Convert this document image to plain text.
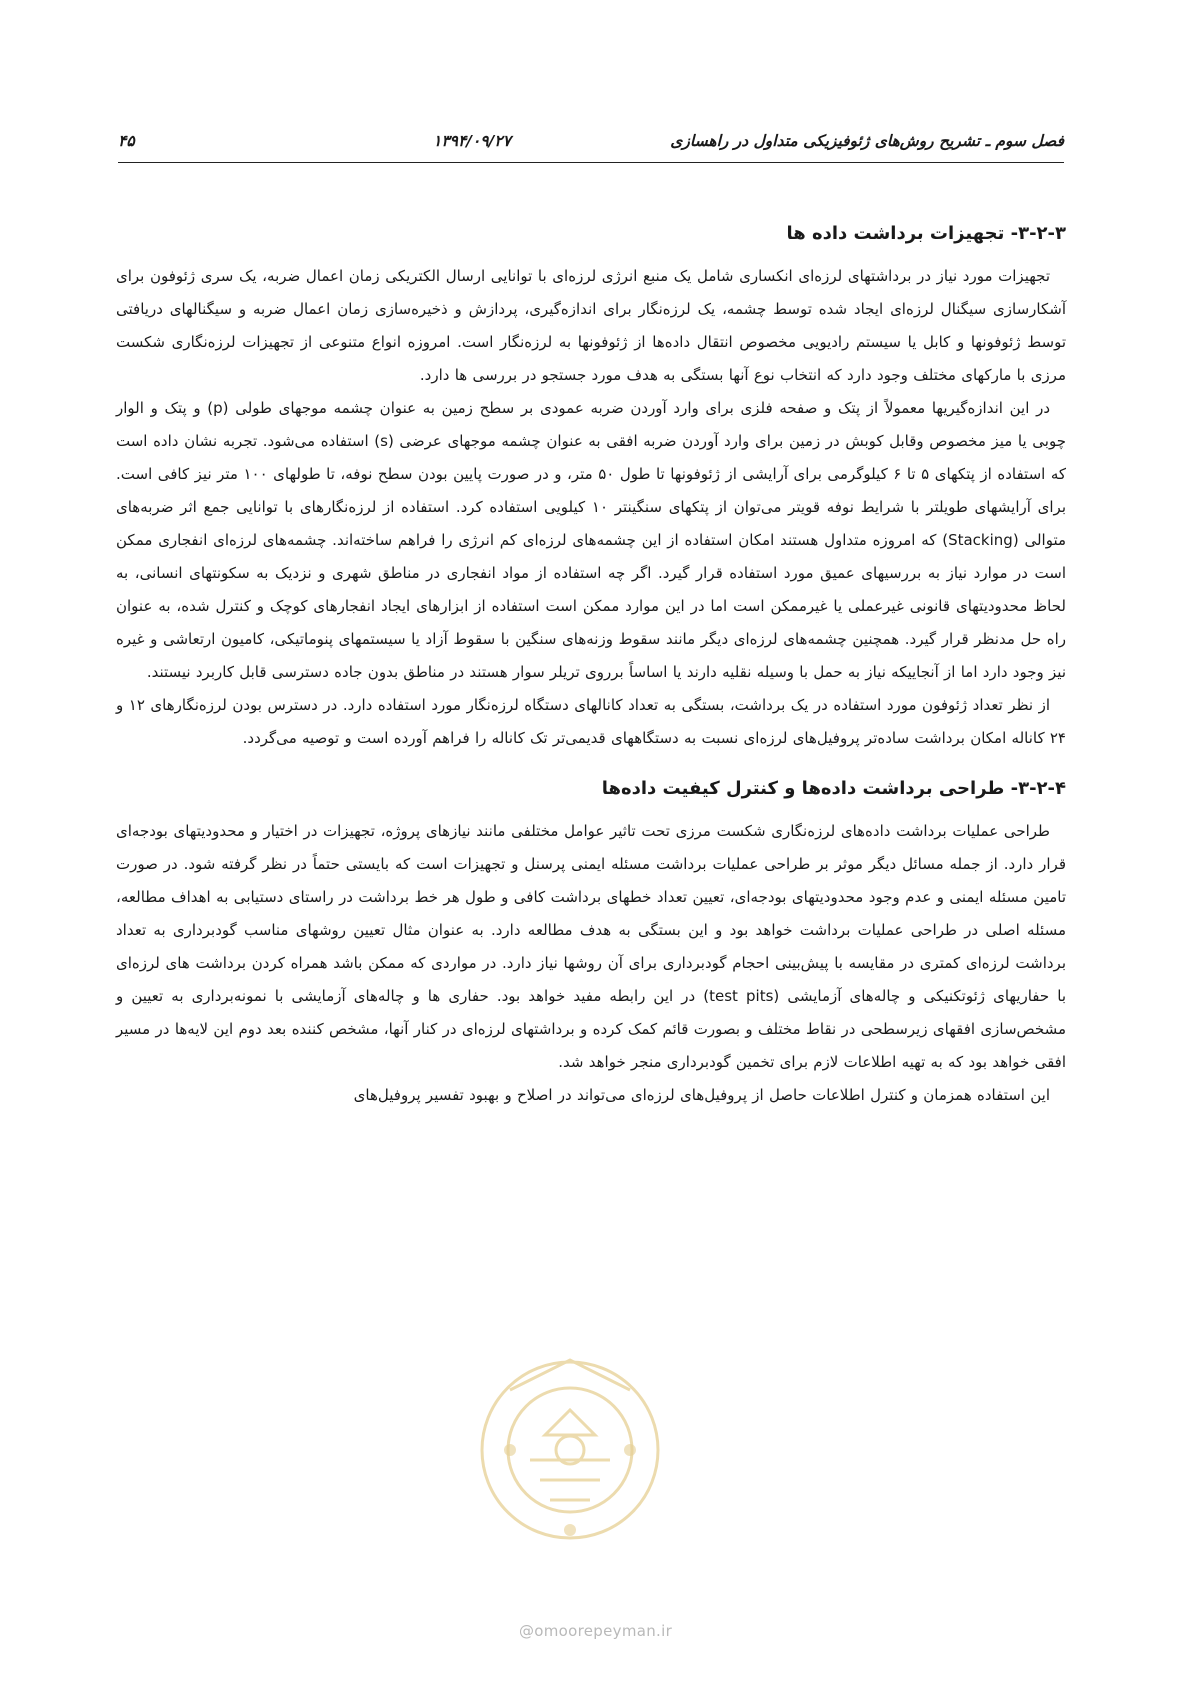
فصل سوم ـ تشریح روش‌های ژئوفیزیکی متداول در راهسازی
۱۳۹۴/۰۹/۲۷
۴۵
۳-۲-۳- تجهیزات برداشت داده ها

تجهیزات مورد نیاز در برداشتهای لرزه‌ای انکساری شامل یک منبع انرژی لرزه‌ای با توانایی ارسال الکتریکی زمان اعمال ضربه، یک سری ژئوفون برای آشکارسازی سیگنال لرزه‌ای ایجاد شده توسط چشمه، یک لرزه‌نگار برای اندازه‌گیری، پردازش و ذخیره‌سازی زمان اعمال ضربه و سیگنالهای دریافتی توسط ژئوفونها و کابل یا سیستم رادیویی مخصوص انتقال داده‌ها از ژئوفونها به لرزه‌نگار است. امروزه انواع متنوعی از تجهیزات لرزه‌نگاری شکست مرزی با مارکهای مختلف وجود دارد که انتخاب نوع آنها بستگی به هدف مورد جستجو در بررسی ها دارد.

در این اندازه‌گیریها معمولاً از پتک و صفحه فلزی برای وارد آوردن ضربه عمودی بر سطح زمین به عنوان چشمه موجهای طولی (p) و پتک و الوار چوبی یا میز مخصوص وقابل کوبش در زمین برای وارد آوردن ضربه افقی به عنوان چشمه موجهای عرضی (s) استفاده می‌شود. تجربه نشان داده است که استفاده از پتکهای ۵ تا ۶ کیلوگرمی برای آرایشی از ژئوفونها تا طول ۵۰ متر، و در صورت پایین بودن سطح نوفه، تا طولهای ۱۰۰ متر نیز کافی است. برای آرایشهای طویلتر با شرایط نوفه قویتر می‌توان از پتکهای سنگینتر ۱۰ کیلویی استفاده کرد. استفاده از لرزه‌نگارهای با توانایی جمع اثر ضربه‌های متوالی (Stacking) که امروزه متداول هستند امکان استفاده از این چشمه‌های لرزه‌ای کم انرژی را فراهم ساخته‌اند. چشمه‌های لرزه‌ای انفجاری ممکن است در موارد نیاز به بررسیهای عمیق مورد استفاده قرار گیرد. اگر چه استفاده از مواد انفجاری در مناطق شهری و نزدیک به سکونتهای انسانی، به لحاظ محدودیتهای قانونی غیرعملی یا غیرممکن است اما در این موارد ممکن است استفاده از ابزارهای ایجاد انفجارهای کوچک و کنترل شده، به عنوان راه حل مدنظر قرار گیرد. همچنین چشمه‌های لرزه‌ای دیگر مانند سقوط وزنه‌های سنگین با سقوط آزاد یا سیستمهای پنوماتیکی، کامیون ارتعاشی و غیره نیز وجود دارد اما از آنجاییکه نیاز به حمل با وسیله نقلیه دارند یا اساساً برروی تریلر سوار هستند در مناطق بدون جاده دسترسی قابل کاربرد نیستند.

از نظر تعداد ژئوفون مورد استفاده در یک برداشت، بستگی به تعداد کانالهای دستگاه لرزه‌نگار مورد استفاده دارد. در دسترس بودن لرزه‌نگارهای ۱۲ و ۲۴ کاناله امکان برداشت ساده‌تر پروفیل‌های لرزه‌ای نسبت به دستگاههای قدیمی‌تر تک کاناله را فراهم آورده است و توصیه می‌گردد.

۳-۲-۴- طراحی برداشت داده‌ها و کنترل کیفیت داده‌ها

طراحی عملیات برداشت داده‌های لرزه‌نگاری شکست مرزی تحت تاثیر عوامل مختلفی مانند نیازهای پروژه، تجهیزات در اختیار و محدودیتهای بودجه‌ای قرار دارد. از جمله مسائل دیگر موثر بر طراحی عملیات برداشت مسئله ایمنی پرسنل و تجهیزات است که بایستی حتماً در نظر گرفته شود. در صورت تامین مسئله ایمنی و عدم وجود محدودیتهای بودجه‌ای، تعیین تعداد خطهای برداشت کافی و طول هر خط برداشت در راستای دستیابی به اهداف مطالعه، مسئله اصلی در طراحی عملیات برداشت خواهد بود و این بستگی به هدف مطالعه دارد. به عنوان مثال تعیین روشهای مناسب گودبرداری به تعداد برداشت لرزه‌ای کمتری در مقایسه با پیش‌بینی احجام گودبرداری برای آن روشها نیاز دارد. در مواردی که ممکن باشد همراه کردن برداشت های لرزه‌ای با حفاریهای ژئوتکنیکی و چاله‌های آزمایشی (test pits) در این رابطه مفید خواهد بود. حفاری ها و چاله‌های آزمایشی با نمونه‌برداری به تعیین و مشخص‌سازی افقهای زیرسطحی در نقاط مختلف و بصورت قائم کمک کرده و برداشتهای لرزه‌ای در کنار آنها، مشخص کننده بعد دوم این لایه‌ها در مسیر افقی خواهد بود که به تهیه اطلاعات لازم برای تخمین گودبرداری منجر خواهد شد.

این استفاده همزمان و کنترل اطلاعات حاصل از پروفیل‌های لرزه‌ای می‌تواند در اصلاح و بهبود تفسیر پروفیل‌های

@omoorepeyman.ir
